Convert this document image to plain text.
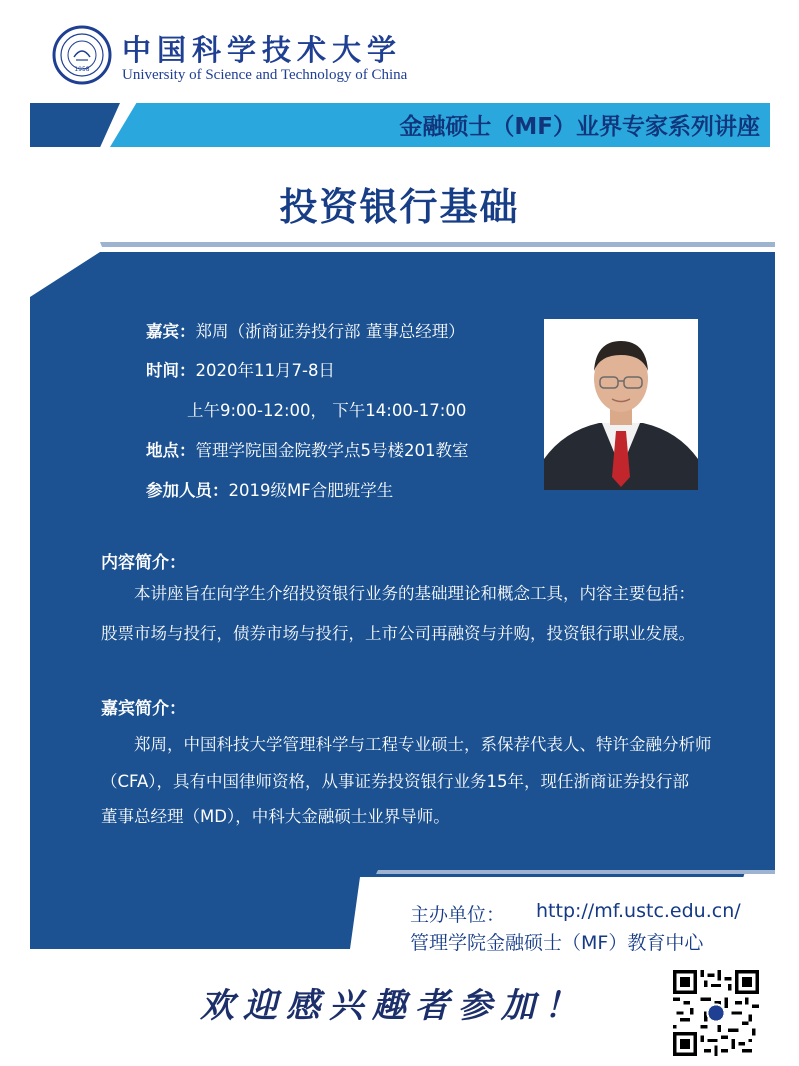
1958
中国科学技术大学
University of Science and Technology of China
金融硕士（MF）业界专家系列讲座
投资银行基础
嘉宾：郑周（浙商证券投行部 董事总经理）
时间：2020年11月7-8日
上午9:00-12:00， 下午14:00-17:00
地点：管理学院国金院教学点5号楼201教室
参加人员：2019级MF合肥班学生
内容简介：
本讲座旨在向学生介绍投资银行业务的基础理论和概念工具，内容主要包括：
股票市场与投行，债券市场与投行，上市公司再融资与并购，投资银行职业发展。
嘉宾简介：
郑周，中国科技大学管理科学与工程专业硕士，系保荐代表人、特许金融分析师
（CFA），具有中国律师资格，从事证券投资银行业务15年，现任浙商证券投行部
董事总经理（MD），中科大金融硕士业界导师。
主办单位： http://mf.ustc.edu.cn/
管理学院金融硕士（MF）教育中心
欢迎感兴趣者参加！
